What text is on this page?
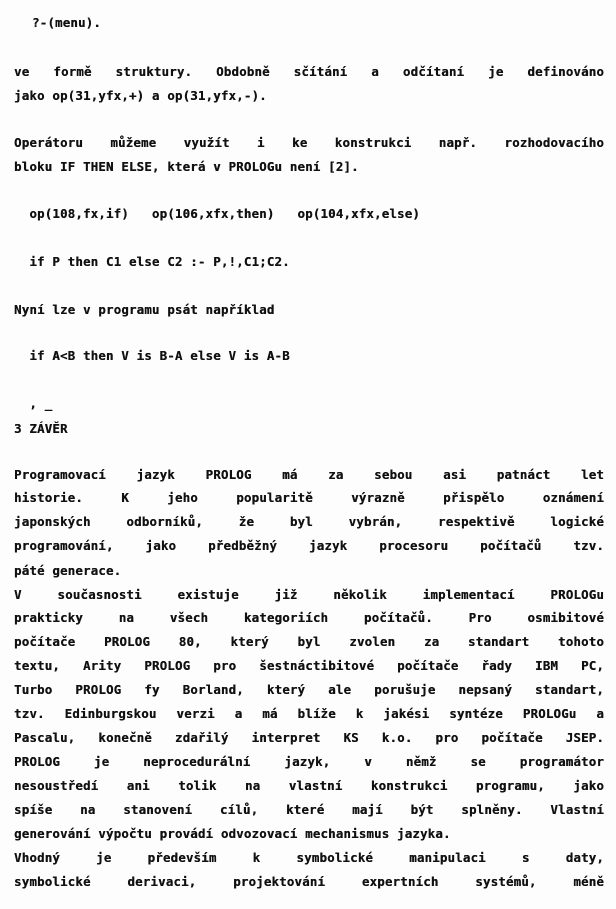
?-(menu).
ve formě struktury. Obdobně sčítání a odčítaní je definováno
jako op(31,yfx,+) a op(31,yfx,-).
Operátoru můžeme využít i ke konstrukci např. rozhodovacího
bloku IF THEN ELSE, která v PROLOGu není [2].
op(108,fx,if)   op(106,xfx,then)   op(104,xfx,else)
if P then C1 else C2 :- P,!,C1;C2.
Nyní lze v programu psát například
if A<B then V is B-A else V is A-B
, _
3 ZÁVĚR
Programovací jazyk PROLOG má za sebou asi patnáct let
historie. K jeho popularitě výrazně přispělo oznámení
japonských odborníků, že byl vybrán, respektivě logické
programování, jako předběžný jazyk procesoru počítačů tzv.
páté generace.
V současnosti existuje již několik implementací PROLOGu
prakticky na všech kategoriích počítačů. Pro osmibitové
počítače PROLOG 80, který byl zvolen za standart tohoto
textu, Arity PROLOG pro šestnáctibitové počítače řady IBM PC,
Turbo PROLOG fy Borland, který ale porušuje nepsaný standart,
tzv. Edinburgskou verzi a má blíže k jakési syntéze PROLOGu a
Pascalu, konečně zdařilý interpret KS k.o. pro počítače JSEP.
PROLOG je neprocedurální jazyk, v němž se programátor
nesoustředí ani tolik na vlastní konstrukci programu, jako
spíše na stanovení cílů, které mají být splněny. Vlastní
generování výpočtu provádí odvozovací mechanismus jazyka.
Vhodný je především k symbolické manipulaci s daty,
symbolické derivaci, projektování expertních systémů, méně
